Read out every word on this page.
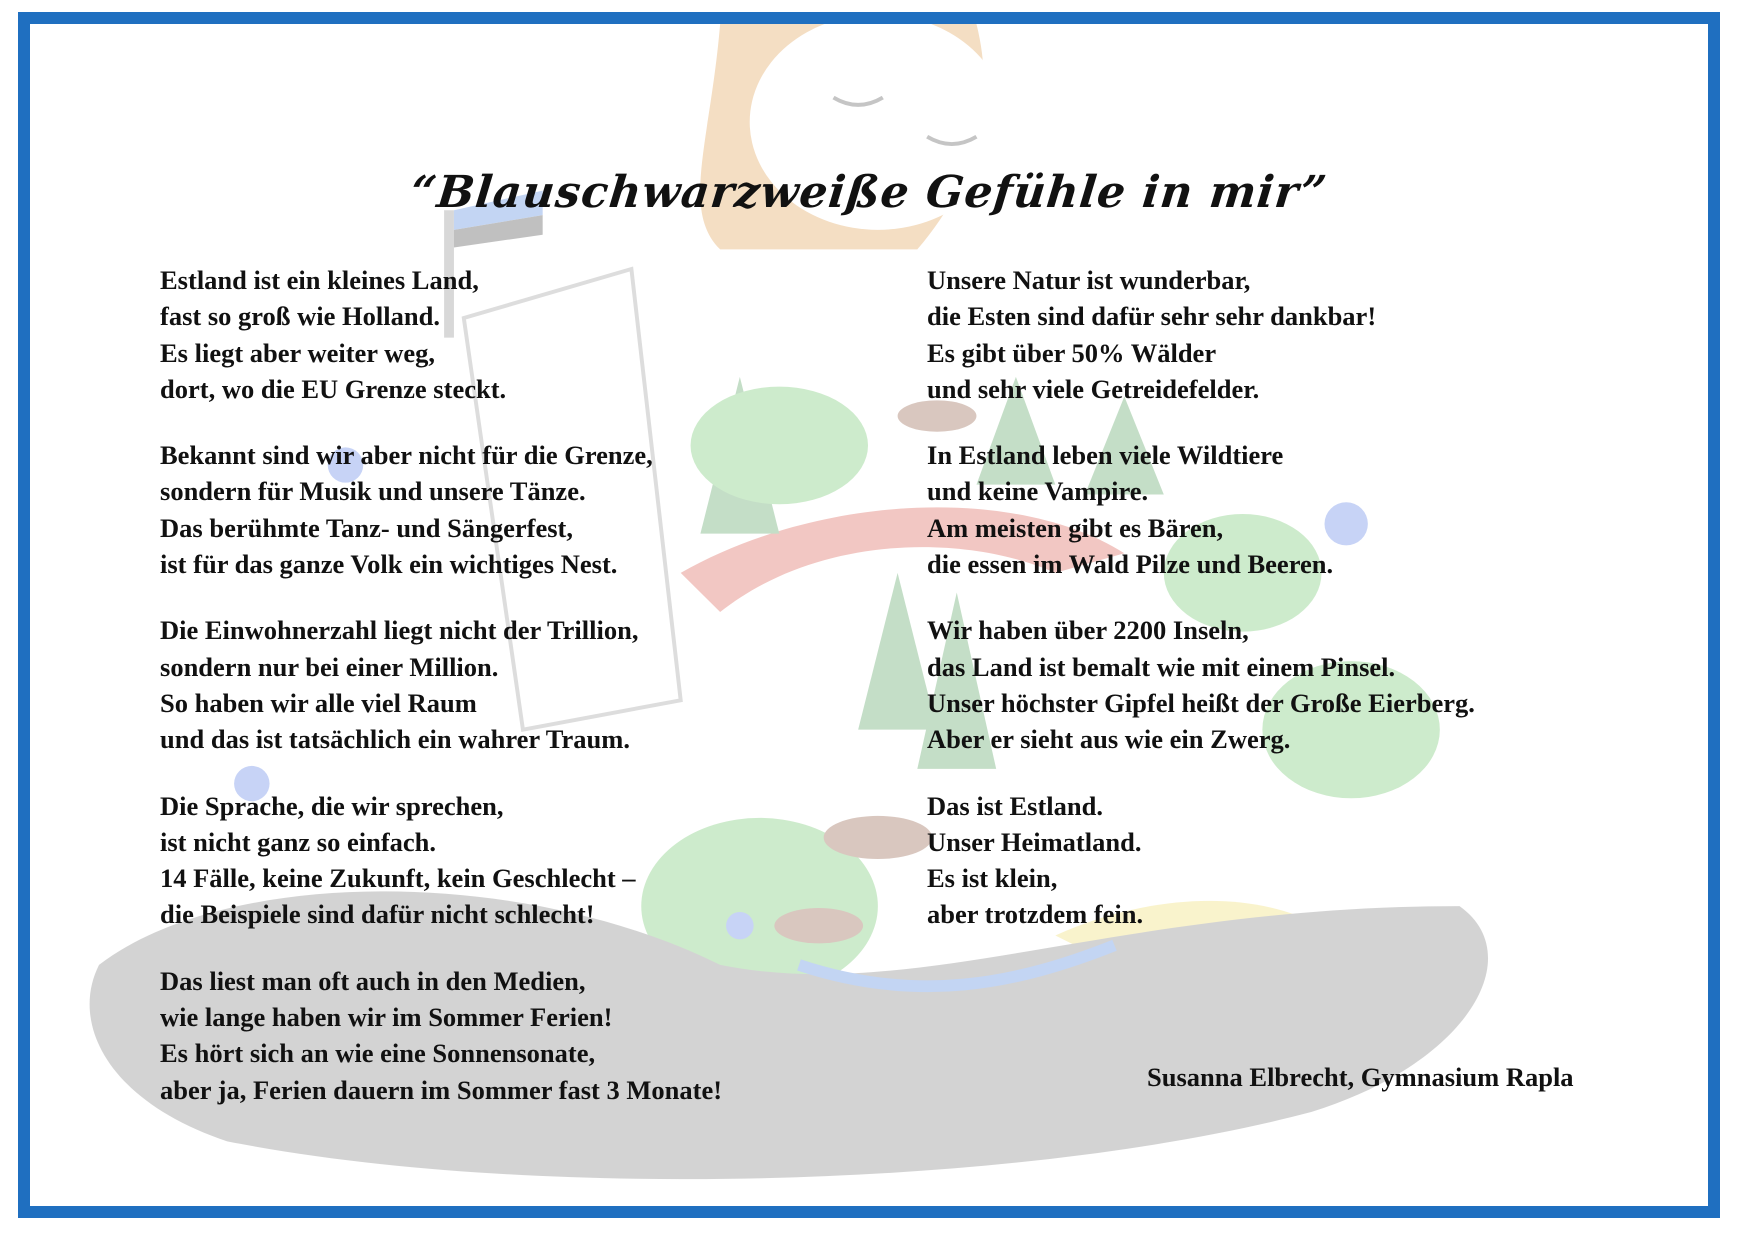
“Blauschwarzweiße Gefühle in mir”
Estland ist ein kleines Land,
fast so groß wie Holland.
Es liegt aber weiter weg,
dort, wo die EU Grenze steckt.
Bekannt sind wir aber nicht für die Grenze,
sondern für Musik und unsere Tänze.
Das berühmte Tanz- und Sängerfest,
ist für das ganze Volk ein wichtiges Nest.
Die Einwohnerzahl liegt nicht der Trillion,
sondern nur bei einer Million.
So haben wir alle viel Raum
und das ist tatsächlich ein wahrer Traum.
Die Sprache, die wir sprechen,
ist nicht ganz so einfach.
14 Fälle, keine Zukunft, kein Geschlecht –
die Beispiele sind dafür nicht schlecht!
Das liest man oft auch in den Medien,
wie lange haben wir im Sommer Ferien!
Es hört sich an wie eine Sonnensonate,
aber ja, Ferien dauern im Sommer fast 3 Monate!
Unsere Natur ist wunderbar,
die Esten sind dafür sehr sehr dankbar!
Es gibt über 50% Wälder
und sehr viele Getreidefelder.
In Estland leben viele Wildtiere
und keine Vampire.
Am meisten gibt es Bären,
die essen im Wald Pilze und Beeren.
Wir haben über 2200 Inseln,
das Land ist bemalt wie mit einem Pinsel.
Unser höchster Gipfel heißt der Große Eierberg.
Aber er sieht aus wie ein Zwerg.
Das ist Estland.
Unser Heimatland.
Es ist klein,
aber trotzdem fein.
Susanna Elbrecht, Gymnasium Rapla
